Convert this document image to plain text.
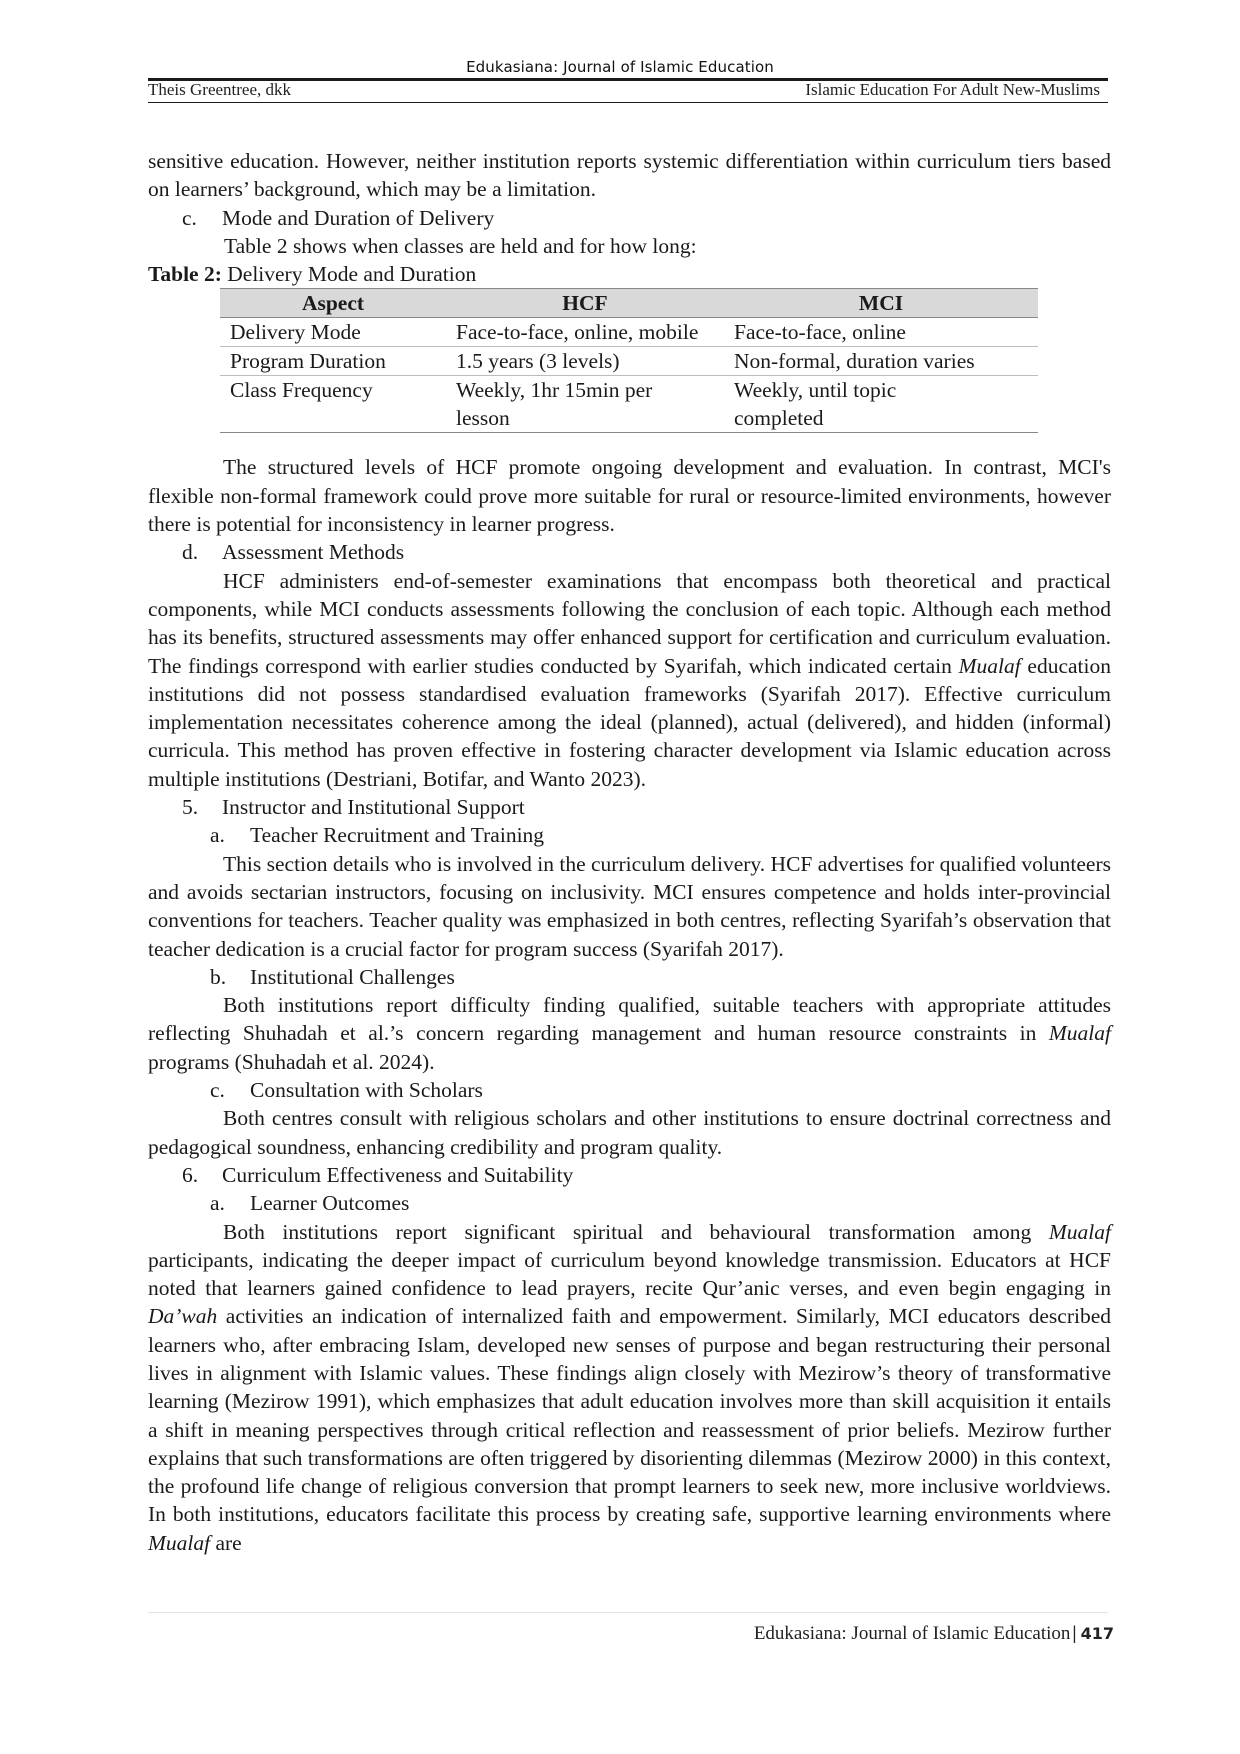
Edukasiana: Journal of Islamic Education
Theis Greentree, dkk	Islamic Education For Adult New-Muslims

sensitive education. However, neither institution reports systemic differentiation within curriculum tiers based on learners’ background, which may be a limitation.

c.	Mode and Duration of Delivery

Table 2 shows when classes are held and for how long:

Table 2: Delivery Mode and Duration

Aspect	HCF	MCI
Delivery Mode	Face-to-face, online, mobile	Face-to-face, online
Program Duration	1.5 years (3 levels)	Non-formal, duration varies
Class Frequency	Weekly, 1hr 15min per lesson	Weekly, until topic completed

The structured levels of HCF promote ongoing development and evaluation. In contrast, MCI's flexible non-formal framework could prove more suitable for rural or resource-limited environments, however there is potential for inconsistency in learner progress.

d.	Assessment Methods

HCF administers end-of-semester examinations that encompass both theoretical and practical components, while MCI conducts assessments following the conclusion of each topic. Although each method has its benefits, structured assessments may offer enhanced support for certification and curriculum evaluation. The findings correspond with earlier studies conducted by Syarifah, which indicated certain Mualaf education institutions did not possess standardised evaluation frameworks (Syarifah 2017). Effective curriculum implementation necessitates coherence among the ideal (planned), actual (delivered), and hidden (informal) curricula. This method has proven effective in fostering character development via Islamic education across multiple institutions (Destriani, Botifar, and Wanto 2023).

5.	Instructor and Institutional Support
a.	Teacher Recruitment and Training

This section details who is involved in the curriculum delivery. HCF advertises for qualified volunteers and avoids sectarian instructors, focusing on inclusivity. MCI ensures competence and holds inter-provincial conventions for teachers. Teacher quality was emphasized in both centres, reflecting Syarifah’s observation that teacher dedication is a crucial factor for program success (Syarifah 2017).

b.	Institutional Challenges

Both institutions report difficulty finding qualified, suitable teachers with appropriate attitudes reflecting Shuhadah et al.’s concern regarding management and human resource constraints in Mualaf programs (Shuhadah et al. 2024).

c.	Consultation with Scholars

Both centres consult with religious scholars and other institutions to ensure doctrinal correctness and pedagogical soundness, enhancing credibility and program quality.

6.	Curriculum Effectiveness and Suitability
a.	Learner Outcomes

Both institutions report significant spiritual and behavioural transformation among Mualaf participants, indicating the deeper impact of curriculum beyond knowledge transmission. Educators at HCF noted that learners gained confidence to lead prayers, recite Qur’anic verses, and even begin engaging in Da’wah activities an indication of internalized faith and empowerment. Similarly, MCI educators described learners who, after embracing Islam, developed new senses of purpose and began restructuring their personal lives in alignment with Islamic values. These findings align closely with Mezirow’s theory of transformative learning (Mezirow 1991), which emphasizes that adult education involves more than skill acquisition it entails a shift in meaning perspectives through critical reflection and reassessment of prior beliefs. Mezirow further explains that such transformations are often triggered by disorienting dilemmas (Mezirow 2000) in this context, the profound life change of religious conversion that prompt learners to seek new, more inclusive worldviews. In both institutions, educators facilitate this process by creating safe, supportive learning environments where Mualaf are

Edukasiana: Journal of Islamic Education | 417
